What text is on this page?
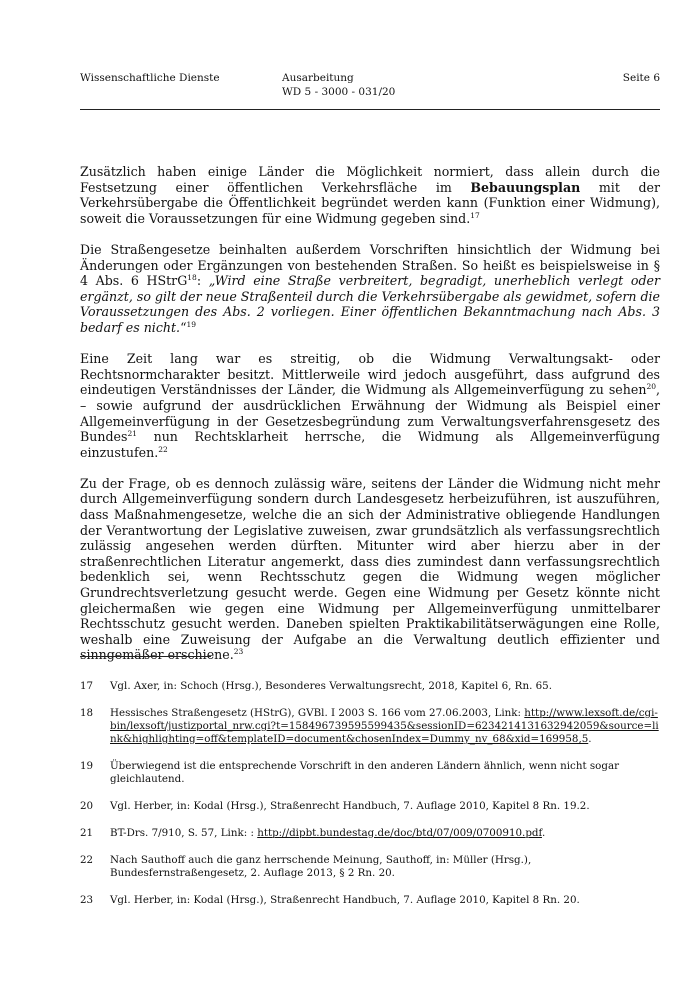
Wissenschaftliche Dienste	Ausarbeitung
WD 5 - 3000 - 031/20
Seite 6

Zusätzlich haben einige Länder die Möglichkeit normiert, dass allein durch die Festsetzung einer öffentlichen Verkehrsfläche im Bebauungsplan mit der Verkehrsübergabe die Öffentlichkeit begründet werden kann (Funktion einer Widmung), soweit die Voraussetzungen für eine Widmung gegeben sind.$^{17}$

Die Straßengesetze beinhalten außerdem Vorschriften hinsichtlich der Widmung bei Änderungen oder Ergänzungen von bestehenden Straßen. So heißt es beispielsweise in § 4 Abs. 6 HStrG$^{18}$: „Wird eine Straße verbreitert, begradigt, unerheblich verlegt oder ergänzt, so gilt der neue Straßenteil durch die Verkehrsübergabe als gewidmet, sofern die Voraussetzungen des Abs. 2 vorliegen. Einer öffentlichen Bekanntmachung nach Abs. 3 bedarf es nicht.“$^{19}$

Eine Zeit lang war es streitig, ob die Widmung Verwaltungsakt- oder Rechtsnormcharakter besitzt. Mittlerweile wird jedoch ausgeführt, dass aufgrund des eindeutigen Verständnisses der Länder, die Widmung als Allgemeinverfügung zu sehen$^{20}$, – sowie aufgrund der ausdrücklichen Erwähnung der Widmung als Beispiel einer Allgemeinverfügung in der Gesetzesbegründung zum Verwaltungsverfahrensgesetz des Bundes$^{21}$ nun Rechtsklarheit herrsche, die Widmung als Allgemeinverfügung einzustufen.$^{22}$

Zu der Frage, ob es dennoch zulässig wäre, seitens der Länder die Widmung nicht mehr durch Allgemeinverfügung sondern durch Landesgesetz herbeizuführen, ist auszuführen, dass Maßnahmengesetze, welche die an sich der Administrative obliegende Handlungen der Verantwortung der Legislative zuweisen, zwar grundsätzlich als verfassungsrechtlich zulässig angesehen werden dürften. Mitunter wird aber hierzu aber in der straßenrechtlichen Literatur angemerkt, dass dies zumindest dann verfassungsrechtlich bedenklich sei, wenn Rechtsschutz gegen die Widmung wegen möglicher Grundrechtsverletzung gesucht werde. Gegen eine Widmung per Gesetz könnte nicht gleichermaßen wie gegen eine Widmung per Allgemeinverfügung unmittelbarer Rechtsschutz gesucht werden. Daneben spielten Praktikabilitätserwägungen eine Rolle, weshalb eine Zuweisung der Aufgabe an die Verwaltung deutlich effizienter und sinngemäßer erschiene.$^{23}$

17	Vgl. Axer, in: Schoch (Hrsg.), Besonderes Verwaltungsrecht, 2018, Kapitel 6, Rn. 65.
18	Hessisches Straßengesetz (HStrG), GVBl. I 2003 S. 166 vom 27.06.2003, Link: http://www.lexsoft.de/cgi-bin/lexsoft/justizportal_nrw.cgi?t=158496739595599435&sessionID=6234214131632942059&source=link&highlighting=off&templateID=document&chosenIndex=Dummy_nv_68&xid=169958,5.
19	Überwiegend ist die entsprechende Vorschrift in den anderen Ländern ähnlich, wenn nicht sogar gleichlautend.
20	Vgl. Herber, in: Kodal (Hrsg.), Straßenrecht Handbuch, 7. Auflage 2010, Kapitel 8 Rn. 19.2.
21	BT-Drs. 7/910, S. 57, Link: : http://dipbt.bundestag.de/doc/btd/07/009/0700910.pdf.
22	Nach Sauthoff auch die ganz herrschende Meinung, Sauthoff, in: Müller (Hrsg.), Bundesfernstraßengesetz, 2. Auflage 2013, § 2 Rn. 20.
23	Vgl. Herber, in: Kodal (Hrsg.), Straßenrecht Handbuch, 7. Auflage 2010, Kapitel 8 Rn. 20.
